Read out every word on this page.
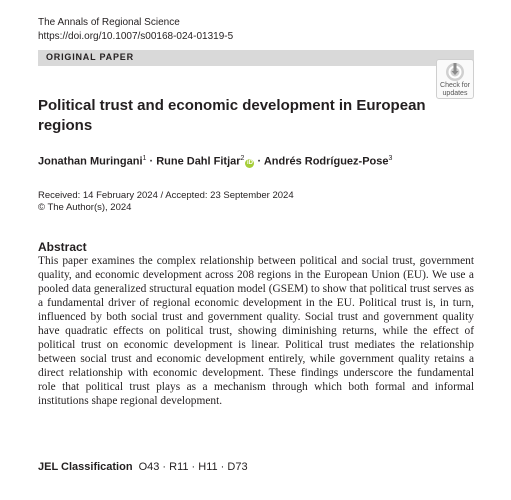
The Annals of Regional Science
https://doi.org/10.1007/s00168-024-01319-5
ORIGINAL PAPER
Check for
updates
Political trust and economic development in European regions
Jonathan Muringani$^1$ · Rune Dahl Fitjar$^2$iD · Andrés Rodríguez-Pose$^3$
Received: 14 February 2024 / Accepted: 23 September 2024
© The Author(s), 2024
Abstract

This paper examines the complex relationship between political and social trust, government quality, and economic development across 208 regions in the European Union (EU). We use a pooled data generalized structural equation model (GSEM) to show that political trust serves as a fundamental driver of regional economic development in the EU. Political trust is, in turn, influenced by both social trust and government quality. Social trust and government quality have quadratic effects on political trust, showing diminishing returns, while the effect of political trust on economic development is linear. Political trust mediates the relationship between social trust and economic development entirely, while government quality retains a direct relationship with economic development. These findings underscore the fundamental role that political trust plays as a mechanism through which both formal and informal institutions shape regional development.

JEL Classification O43 · R11 · H11 · D73
